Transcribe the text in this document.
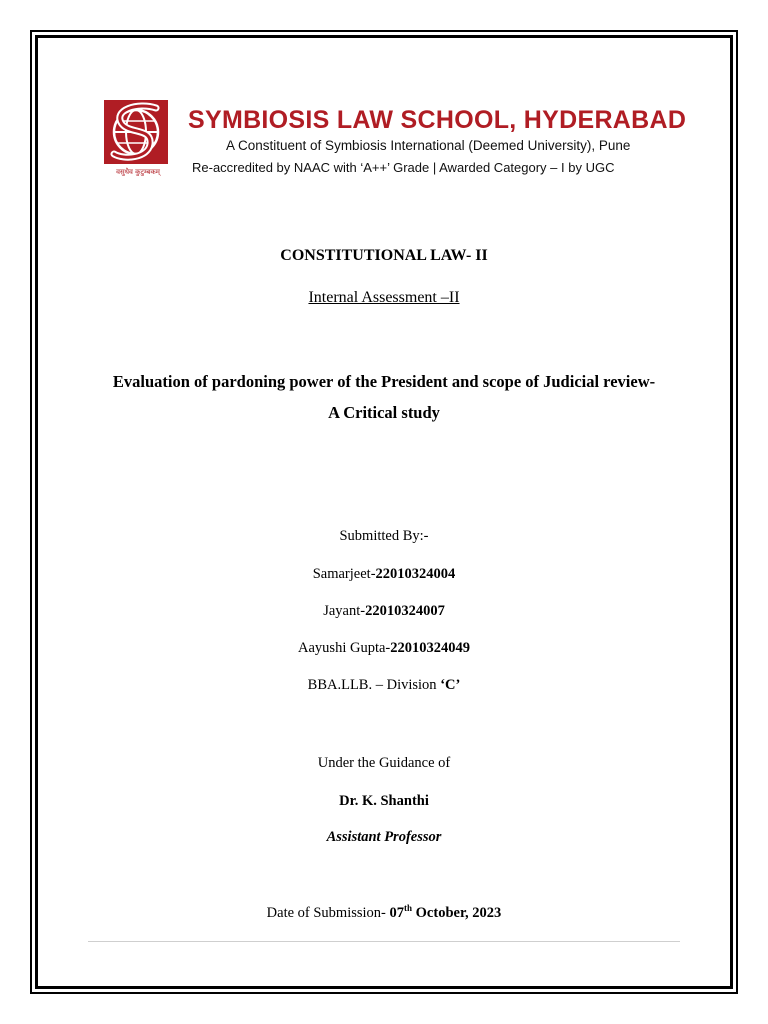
वसुधैव कुटुम्बकम्
SYMBIOSIS LAW SCHOOL, HYDERABAD
A Constituent of Symbiosis International (Deemed University), Pune
Re-accredited by NAAC with ‘A++’ Grade | Awarded Category – I by UGC
CONSTITUTIONAL LAW- II
Internal Assessment –II
Evaluation of pardoning power of the President and scope of Judicial review-
A Critical study
Submitted By:-
Samarjeet-22010324004
Jayant-22010324007
Aayushi Gupta-22010324049
BBA.LLB. – Division ‘C’
Under the Guidance of
Dr. K. Shanthi
Assistant Professor
Date of Submission- 07th October, 2023
